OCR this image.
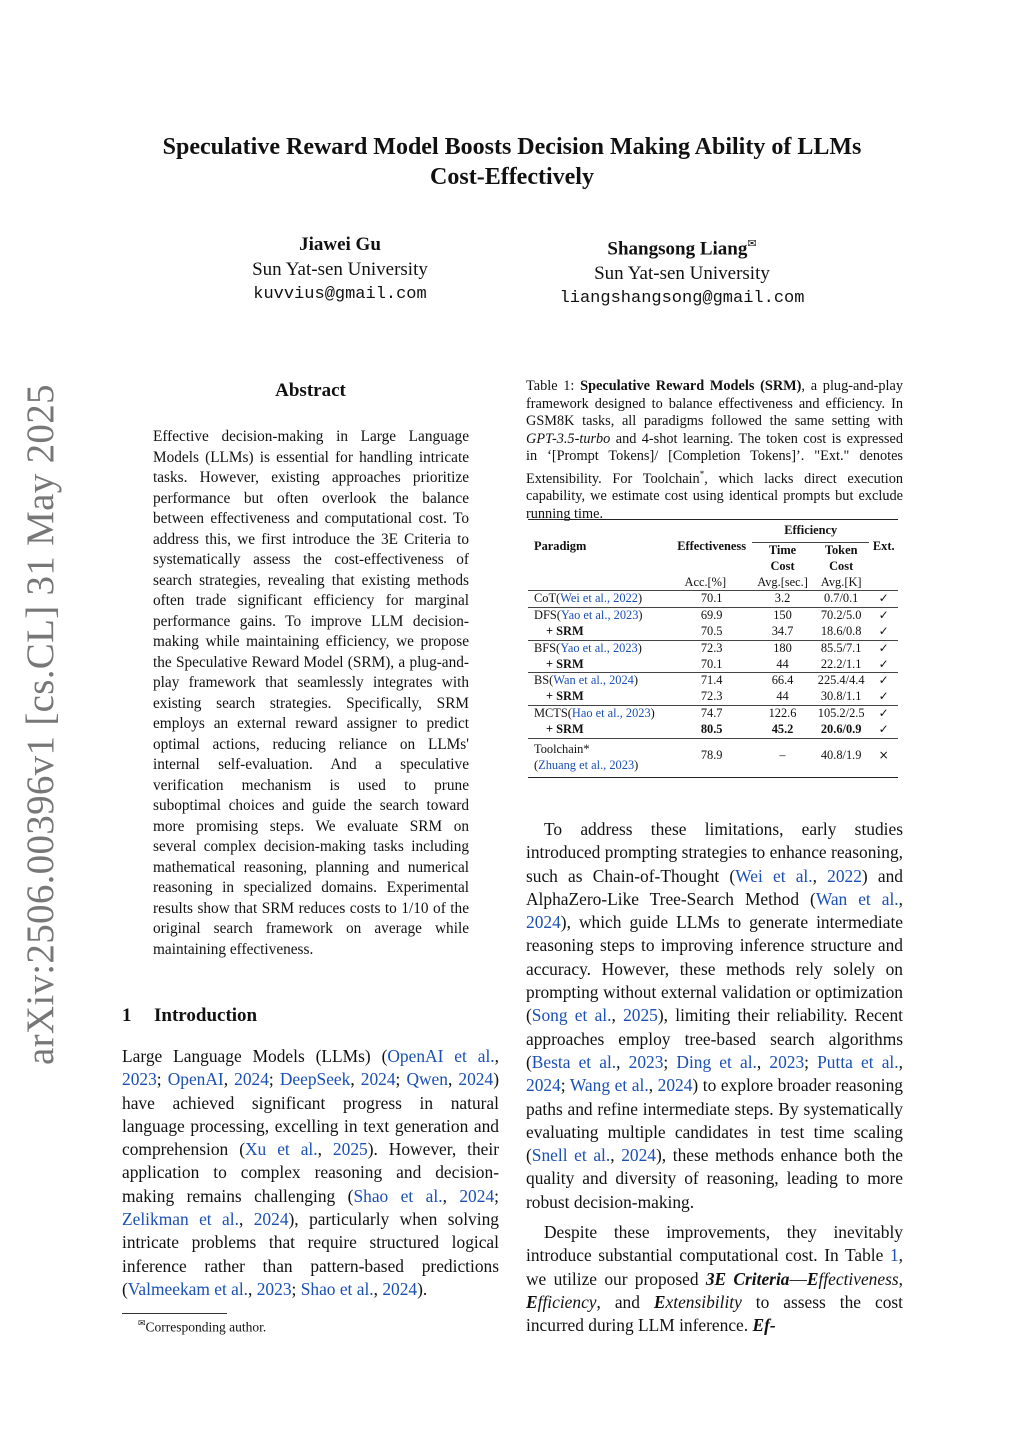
arXiv:2506.00396v1 [cs.CL] 31 May 2025
Speculative Reward Model Boosts Decision Making Ability of LLMs
Cost-Effectively
Jiawei Gu
Sun Yat-sen University
kuvvius@gmail.com
Shangsong Liang✉
Sun Yat-sen University
liangshangsong@gmail.com
Abstract
Effective decision-making in Large Language Models (LLMs) is essential for handling intricate tasks. However, existing approaches prioritize performance but often overlook the balance between effectiveness and computational cost. To address this, we first introduce the 3E Criteria to systematically assess the cost-effectiveness of search strategies, revealing that existing methods often trade significant efficiency for marginal performance gains. To improve LLM decision-making while maintaining efficiency, we propose the Speculative Reward Model (SRM), a plug-and-play framework that seamlessly integrates with existing search strategies. Specifically, SRM employs an external reward assigner to predict optimal actions, reducing reliance on LLMs' internal self-evaluation. And a speculative verification mechanism is used to prune suboptimal choices and guide the search toward more promising steps. We evaluate SRM on several complex decision-making tasks including mathematical reasoning, planning and numerical reasoning in specialized domains. Experimental results show that SRM reduces costs to 1/10 of the original search framework on average while maintaining effectiveness.
1 Introduction
Large Language Models (LLMs) (OpenAI et al., 2023; OpenAI, 2024; DeepSeek, 2024; Qwen, 2024) have achieved significant progress in natural language processing, excelling in text generation and comprehension (Xu et al., 2025). However, their application to complex reasoning and decision-making remains challenging (Shao et al., 2024; Zelikman et al., 2024), particularly when solving intricate problems that require structured logical inference rather than pattern-based predictions (Valmeekam et al., 2023; Shao et al., 2024).
✉Corresponding author.
Table 1: Speculative Reward Models (SRM), a plug-and-play framework designed to balance effectiveness and efficiency. In GSM8K tasks, all paradigms followed the same setting with GPT-3.5-turbo and 4-shot learning. The token cost is expressed in ‘[Prompt Tokens]/ [Completion Tokens]’. "Ext." denotes Extensibility. For Toolchain*, which lacks direct execution capability, we estimate cost using identical prompts but exclude running time.
Paradigm	Effectiveness	Efficiency		Ext.
		Time	Token	
		Cost	Cost	
	Acc.[%]	Avg.[sec.]	Avg.[K]	
CoT(Wei et al., 2022)	70.1	3.2	0.7/0.1	✓
DFS(Yao et al., 2023)	69.9	150	70.2/5.0	✓
+ SRM	70.5	34.7	18.6/0.8	✓
BFS(Yao et al., 2023)	72.3	180	85.5/7.1	✓
+ SRM	70.1	44	22.2/1.1	✓
BS(Wan et al., 2024)	71.4	66.4	225.4/4.4	✓
+ SRM	72.3	44	30.8/1.1	✓
MCTS(Hao et al., 2023)	74.7	122.6	105.2/2.5	✓
+ SRM	80.5	45.2	20.6/0.9	✓

Toolchain*
(Zhuang et al., 2023)	78.9	–	40.8/1.9	×

To address these limitations, early studies introduced prompting strategies to enhance reasoning, such as Chain-of-Thought (Wei et al., 2022) and AlphaZero-Like Tree-Search Method (Wan et al., 2024), which guide LLMs to generate intermediate reasoning steps to improving inference structure and accuracy. However, these methods rely solely on prompting without external validation or optimization (Song et al., 2025), limiting their reliability. Recent approaches employ tree-based search algorithms (Besta et al., 2023; Ding et al., 2023; Putta et al., 2024; Wang et al., 2024) to explore broader reasoning paths and refine intermediate steps. By systematically evaluating multiple candidates in test time scaling (Snell et al., 2024), these methods enhance both the quality and diversity of reasoning, leading to more robust decision-making.

Despite these improvements, they inevitably introduce substantial computational cost. In Table 1, we utilize our proposed 3E Criteria—Effectiveness, Efficiency, and Extensibility to assess the cost incurred during LLM inference. Ef-
